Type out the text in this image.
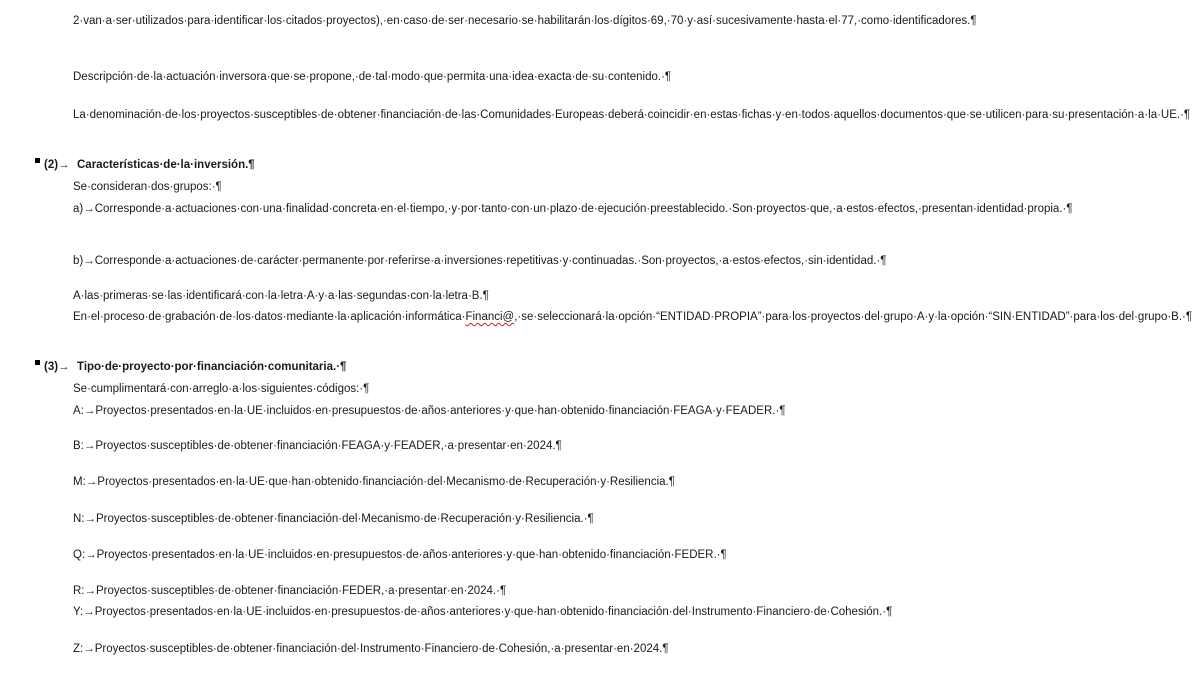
2·van·a·ser·utilizados·para·identificar·los·citados·proyectos),·en·caso·de·ser·necesario·se·habilitarán·los·dígitos·69,·70·y·así·sucesivamente·hasta·el·77,·como·identificadores.¶

Descripción·de·la·actuación·inversora·que·se·propone,·de·tal·modo·que·permita·una·idea·exacta·de·su·contenido.·¶

La·denominación·de·los·proyectos·susceptibles·de·obtener·financiación·de·las·Comunidades·Europeas·deberá·coincidir·en·estas·fichas·y·en·todos·aquellos·documentos·que·se·utilicen·para·su·presentación·a·la·UE.·¶

(2)→ Características·de·la·inversión.¶

Se·consideran·dos·grupos:·¶

a)→Corresponde·a·actuaciones·con·una·finalidad·concreta·en·el·tiempo,·y·por·tanto·con·un·plazo·de·ejecución·preestablecido.·Son·proyectos·que,·a·estos·efectos,·presentan·identidad·propia.·¶

b)→Corresponde·a·actuaciones·de·carácter·permanente·por·referirse·a·inversiones·repetitivas·y·continuadas.·Son·proyectos,·a·estos·efectos,·sin·identidad.·¶

A·las·primeras·se·las·identificará·con·la·letra·A·y·a·las·segundas·con·la·letra·B.¶

En·el·proceso·de·grabación·de·los·datos·mediante·la·aplicación·informática·Financi@,·se·seleccionará·la·opción·“ENTIDAD·PROPIA”·para·los·proyectos·del·grupo·A·y·la·opción·“SIN·ENTIDAD”·para·los·del·grupo·B.·¶

(3)→ Tipo·de·proyecto·por·financiación·comunitaria.·¶

Se·cumplimentará·con·arreglo·a·los·siguientes·códigos:·¶

A:→Proyectos·presentados·en·la·UE·incluidos·en·presupuestos·de·años·anteriores·y·que·han·obtenido·financiación·FEAGA·y·FEADER.·¶

B:→Proyectos·susceptibles·de·obtener·financiación·FEAGA·y·FEADER,·a·presentar·en·2024.¶

M:→Proyectos·presentados·en·la·UE·que·han·obtenido·financiación·del·Mecanismo·de·Recuperación·y·Resiliencia.¶

N:→Proyectos·susceptibles·de·obtener·financiación·del·Mecanismo·de·Recuperación·y·Resiliencia.·¶

Q:→Proyectos·presentados·en·la·UE·incluidos·en·presupuestos·de·años·anteriores·y·que·han·obtenido·financiación·FEDER.·¶

R:→Proyectos·susceptibles·de·obtener·financiación·FEDER,·a·presentar·en·2024.·¶

Y:→Proyectos·presentados·en·la·UE·incluidos·en·presupuestos·de·años·anteriores·y·que·han·obtenido·financiación·del·Instrumento·Financiero·de·Cohesión.·¶

Z:→Proyectos·susceptibles·de·obtener·financiación·del·Instrumento·Financiero·de·Cohesión,·a·presentar·en·2024.¶
